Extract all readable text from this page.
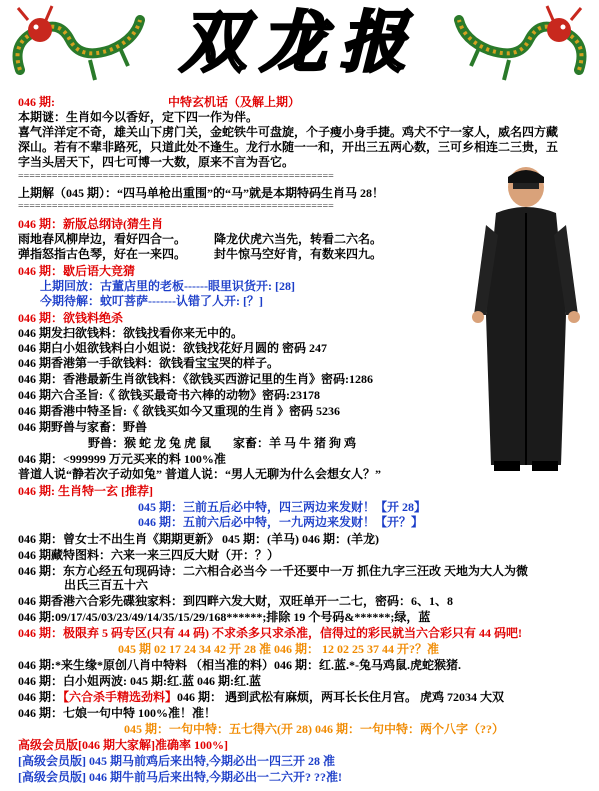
双龙报
046 期:	中特玄机话（及解上期）
本期谜：生肖如今以香好，定下四一作为伴。
喜气洋洋定不奇，雄关山下虏门关，金蛇铁牛可盘旋，个子瘦小身手捷。鸡犬不宁一家人，威名四方藏
深山。若有不辈非路死，只道此处不逢生。龙行水随一一和，开出三五两心数，三可乡相连二三贵，五
字当头居天下，四七可博一大数，原来不言为吾它。
========================================================
上期解（045 期）：“四马单枪出重围”的“马”就是本期特码生肖马 28！
========================================================
046 期：新版总纲诗(猜生肖
雨地春风柳岸边，看好四合一。 降龙伏虎六当先，转看二六名。
弹指怒指古色琴，好在一来四。 封牛惊马空好肯，有数来四九。
046 期：歇后语大竞猜
上期回放：古董店里的老板------眼里识货开: [28]
今期待解：蚊叮菩萨-------认错了人开: [？]
046 期：欲钱料绝杀
046 期发扫欲钱料：欲钱找看你来无中的。
046 期白小姐欲钱料白小姐说：欲钱找花好月圆的 密码 247
046 期香港第一手欲钱料：欲钱看宝宝哭的样子。
046 期：香港最新生肖欲钱料：《欲钱买西游记里的生肖》密码:1286
046 期六合圣旨:《 欲钱买最奇书六棒的动物》密码:23178
046 期香港中特圣旨:《 欲钱买如今又重现的生肖 》密码 5236
046 期野兽与家畜：野兽
野兽：猴 蛇 龙 兔 虎 鼠 家畜：羊 马 牛 猪 狗 鸡
046 期：<999999 万元买来的料 100%准
普道人说“静若次子动如兔” 普道人说：“男人无聊为什么会想女人？”
046 期: 生肖特一玄 [推荐]
045 期：三前五后必中特，四三两边来发财！【开 28】
046 期：五前六后必中特，一九两边来发财！【开？】
046 期：曾女士不出生肖《期期更新》 045 期：(羊马) 046 期：(羊龙)
046 期藏特图料：六来一来三四反大财（开：？）
046 期：东方心经五句现码诗：二六相合必当今 一千还要中一万 抓住九字三汪改 天地为大人为微
出氏三百五十六
046 期香港六合彩先碟独家料：到四畔六发大财，双旺单开一二七，密码：6、1、8
046 期:09/17/45/03/23/49/14/35/15/29/168******;排除 19 个号码&******;绿，蓝
046 期：极限弃 5 码专区(只有 44 码) 不求杀多只求杀准，信得过的彩民就当六合彩只有 44 码吧!
045 期 02 17 24 34 42 开 28 准 046 期： 12 02 25 37 44 开?？准
046 期:*来生缘*原创八肖中特料 （相当准的料）046 期：红.蓝.*-兔马鸡鼠.虎蛇猴猪.
046 期：白小姐两波: 045 期:红.蓝 046 期:红.蓝
046 期：【六合杀手精选劲料】046 期： 遇到武松有麻烦，两耳长长住月宫。 虎鸡 72034 大双
046 期：七娘一句中特 100%准！准！
045 期：一句中特：五七得六(开 28) 046 期：一句中特：两个八字（??）
高级会员版[046 期大家解]准确率 100%]
[高级会员版] 045 期马前鸡后来出特,今期必出一四三开 28 准
[高级会员版] 046 期牛前马后来出特,今期必出一二六开? ??准!
